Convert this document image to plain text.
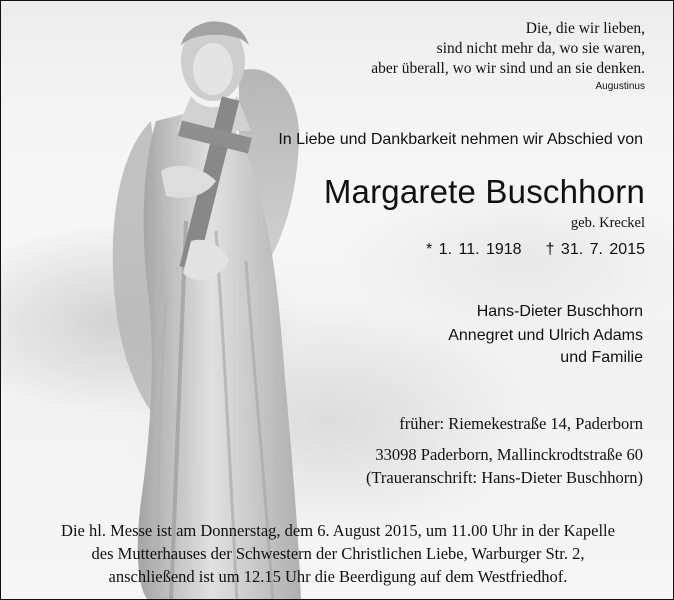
Die, die wir lieben,
sind nicht mehr da, wo sie waren,
aber überall, wo wir sind und an sie denken.
Augustinus
In Liebe und Dankbarkeit nehmen wir Abschied von
Margarete Buschhorn
geb. Kreckel
* 1. 11. 1918 † 31. 7. 2015
Hans-Dieter Buschhorn
Annegret und Ulrich Adams
und Familie
früher: Riemekestraße 14, Paderborn
33098 Paderborn, Mallinckrodtstraße 60
(Traueranschrift: Hans-Dieter Buschhorn)
Die hl. Messe ist am Donnerstag, dem 6. August 2015, um 11.00 Uhr in der Kapelle
des Mutterhauses der Schwestern der Christlichen Liebe, Warburger Str. 2,
anschließend ist um 12.15 Uhr die Beerdigung auf dem Westfriedhof.
